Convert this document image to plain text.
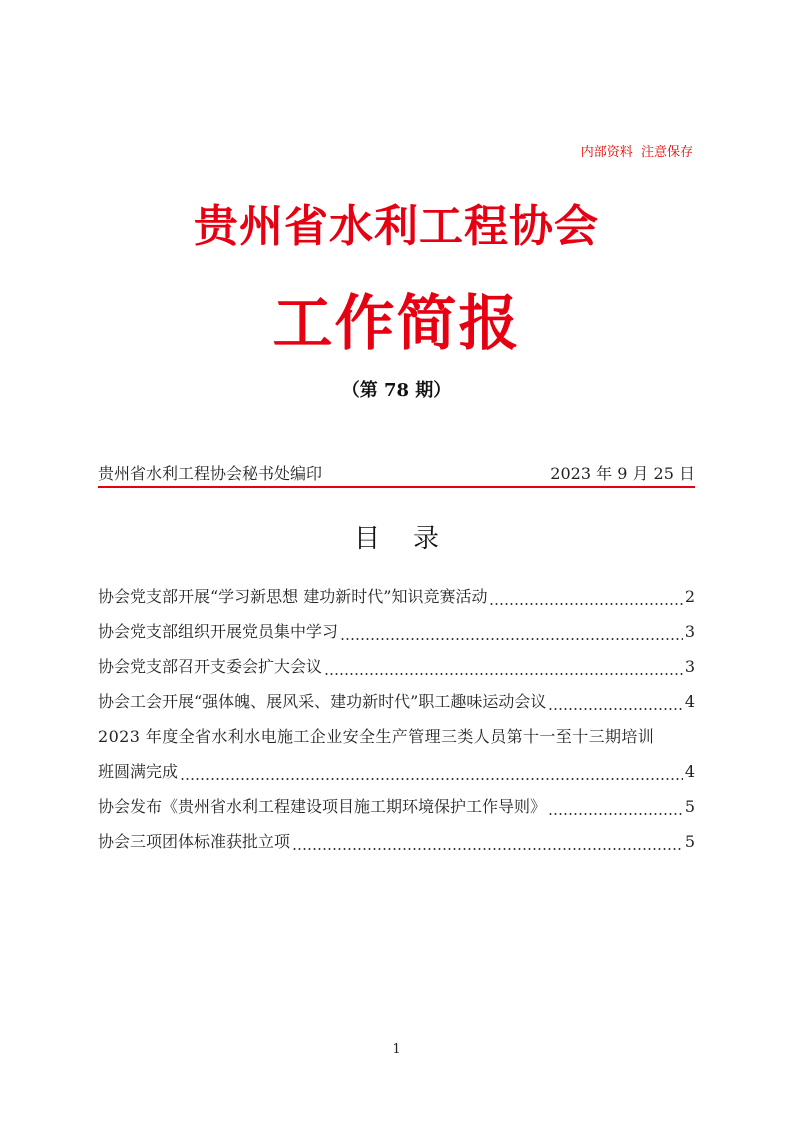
内部资料  注意保存
贵州省水利工程协会
工作简报
（第 78 期）
贵州省水利工程协会秘书处编印	2023 年 9 月 25 日
目    录
协会党支部开展“学习新思想 建功新时代”知识竞赛活动	2
协会党支部组织开展党员集中学习	3
协会党支部召开支委会扩大会议	3
协会工会开展“强体魄、展风采、建功新时代”职工趣味运动会议	4
2023 年度全省水利水电施工企业安全生产管理三类人员第十一至十三期培训
班圆满完成	4
协会发布《贵州省水利工程建设项目施工期环境保护工作导则》	5
协会三项团体标准获批立项	5
1
